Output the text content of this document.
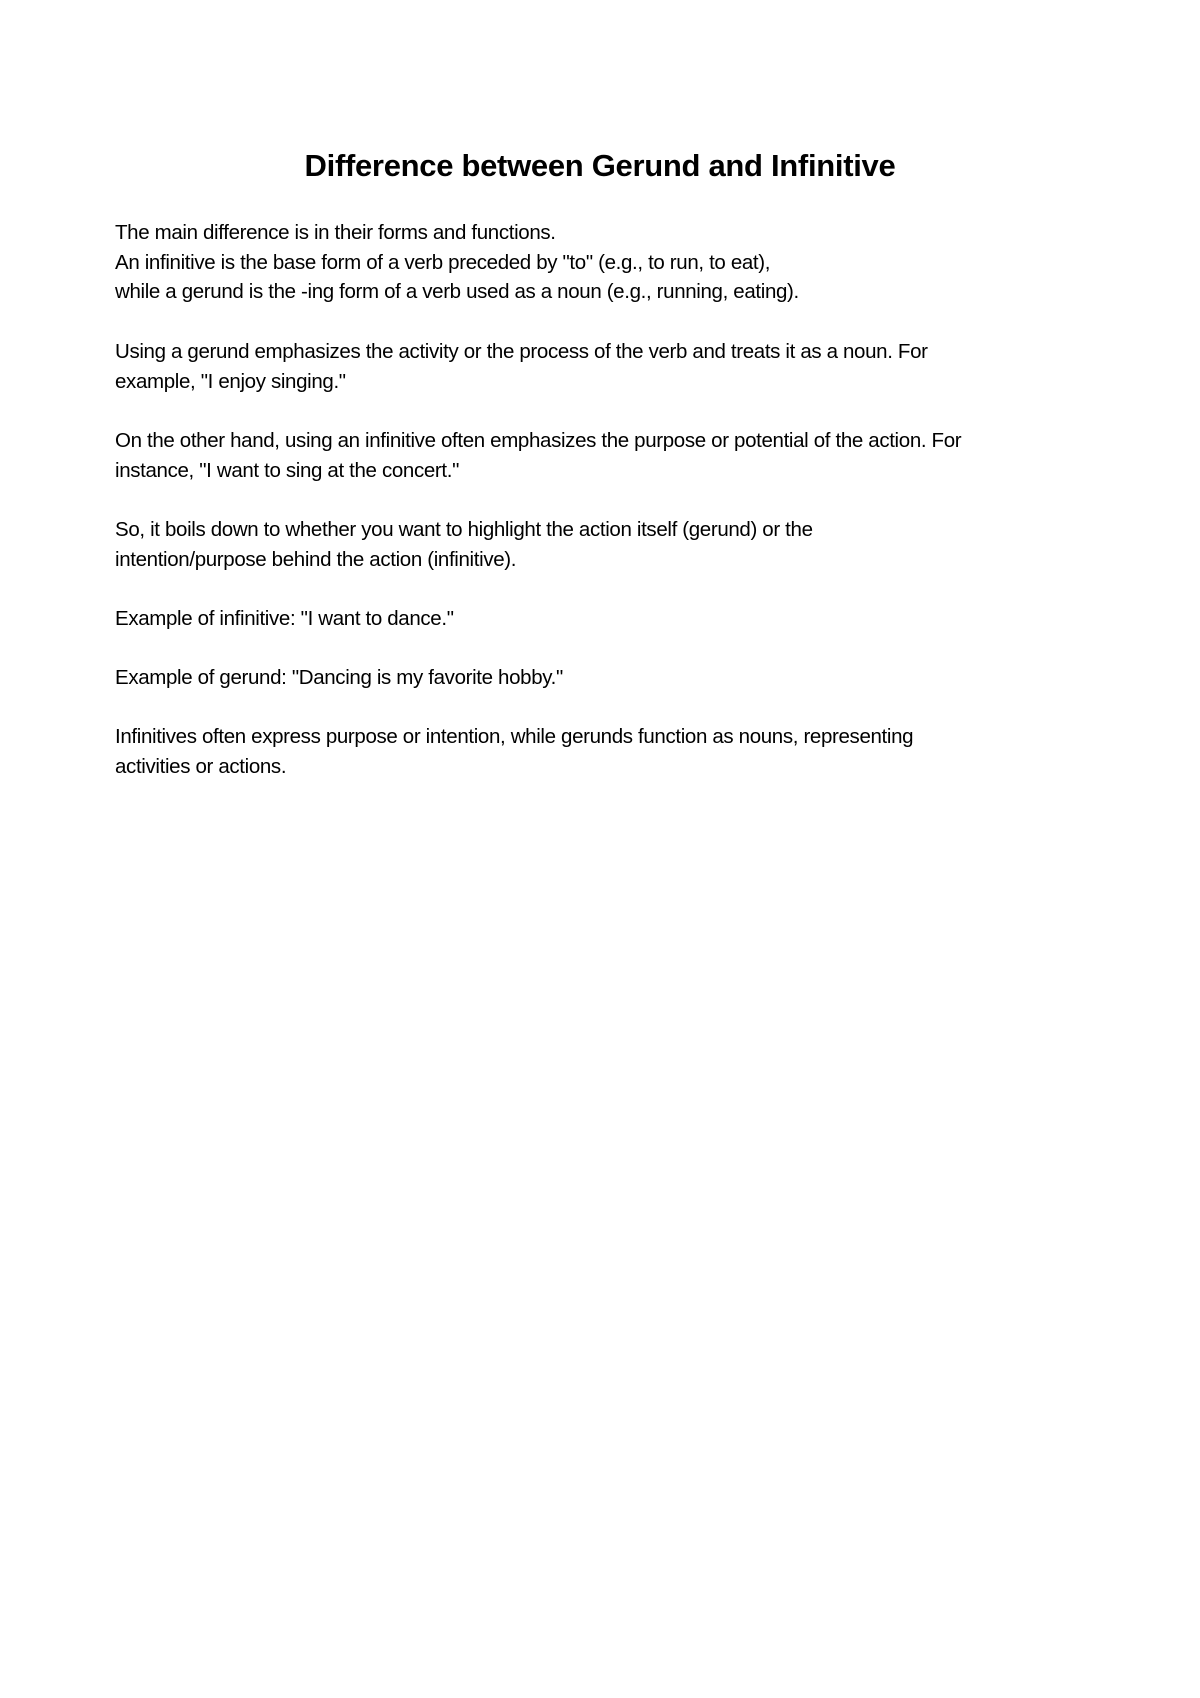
Difference between Gerund and Infinitive
The main difference is in their forms and functions.
An infinitive is the base form of a verb preceded by "to" (e.g., to run, to eat),
while a gerund is the -ing form of a verb used as a noun (e.g., running, eating).
Using a gerund emphasizes the activity or the process of the verb and treats it as a noun. For
example, "I enjoy singing."
On the other hand, using an infinitive often emphasizes the purpose or potential of the action. For
instance, "I want to sing at the concert."
So, it boils down to whether you want to highlight the action itself (gerund) or the
intention/purpose behind the action (infinitive).
Example of infinitive: "I want to dance."
Example of gerund: "Dancing is my favorite hobby."
Infinitives often express purpose or intention, while gerunds function as nouns, representing
activities or actions.
